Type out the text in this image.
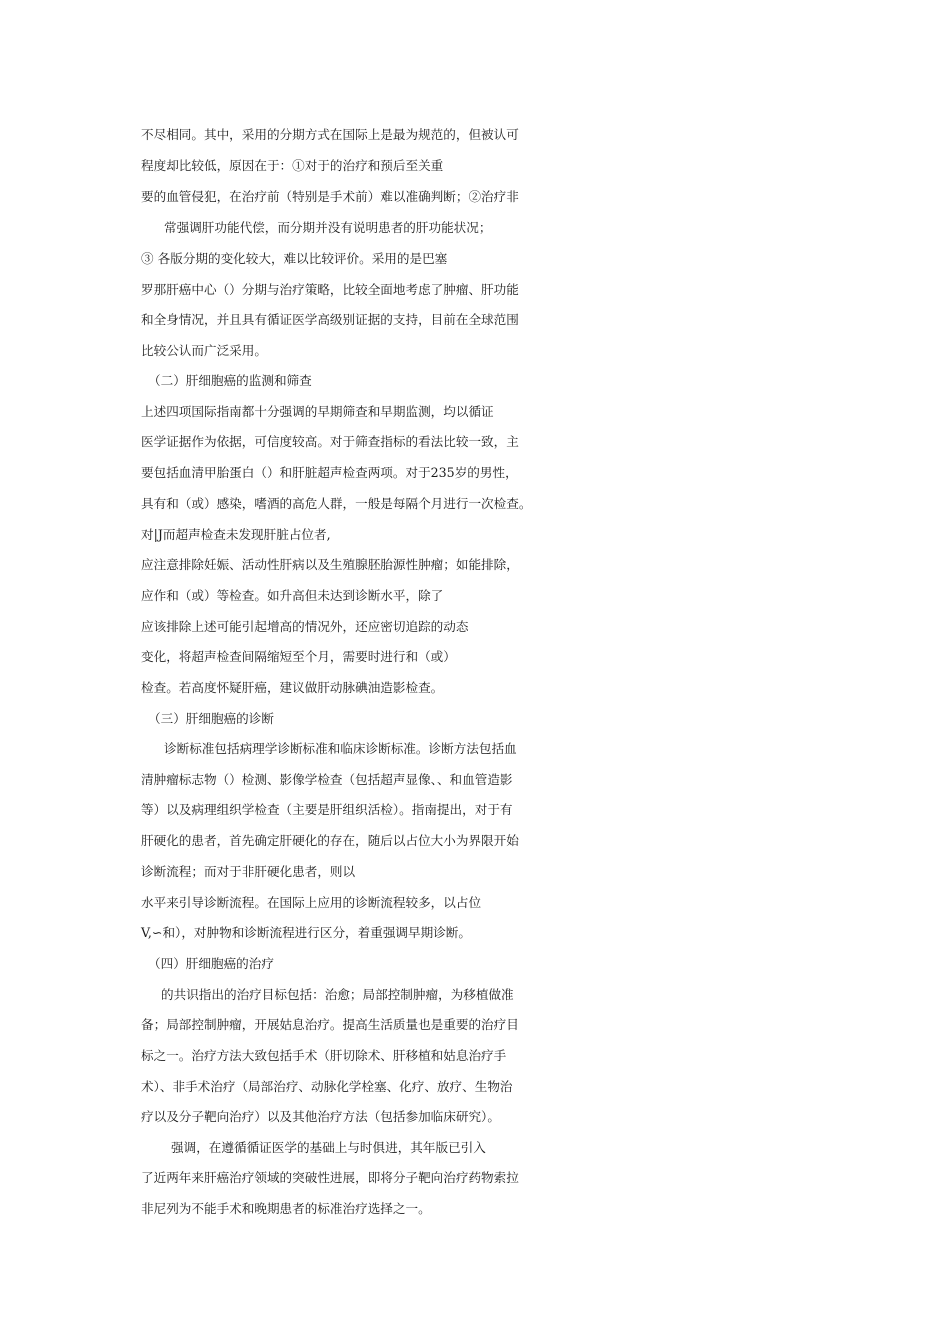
不尽相同。其中，采用的分期方式在国际上是最为规范的，但被认可
程度却比较低，原因在于：①对于的治疗和预后至关重
要的血管侵犯，在治疗前（特别是手术前）难以准确判断；②治疗非
常强调肝功能代偿，而分期并没有说明患者的肝功能状况；
③ 各版分期的变化较大，难以比较评价。采用的是巴塞
罗那肝癌中心（）分期与治疗策略，比较全面地考虑了肿瘤、肝功能
和全身情况，并且具有循证医学高级别证据的支持，目前在全球范围
比较公认而广泛采用。
（二）肝细胞癌的监测和筛查
上述四项国际指南都十分强调的早期筛查和早期监测，均以循证
医学证据作为依据，可信度较高。对于筛查指标的看法比较一致，主
要包括血清甲胎蛋白（）和肝脏超声检查两项。对于235岁的男性，
具有和（或）感染，嗜酒的高危人群，一般是每隔个月进行一次检查。
对|J而超声检查未发现肝脏占位者,
应注意排除妊娠、活动性肝病以及生殖腺胚胎源性肿瘤；如能排除，
应作和（或）等检查。如升高但未达到诊断水平，除了
应该排除上述可能引起增高的情况外，还应密切追踪的动态
变化，将超声检查间隔缩短至个月，需要时进行和（或）
检查。若高度怀疑肝癌，建议做肝动脉碘油造影检查。
（三）肝细胞癌的诊断
诊断标准包括病理学诊断标准和临床诊断标准。诊断方法包括血
清肿瘤标志物（）检测、影像学检查（包括超声显像、、和血管造影
等）以及病理组织学检查（主要是肝组织活检）。指南提出，对于有
肝硬化的患者，首先确定肝硬化的存在，随后以占位大小为界限开始
诊断流程；而对于非肝硬化患者，则以
水平来引导诊断流程。在国际上应用的诊断流程较多，以占位
V,∽和），对肿物和诊断流程进行区分，着重强调早期诊断。
（四）肝细胞癌的治疗
的共识指出的治疗目标包括：治愈；局部控制肿瘤，为移植做准
备；局部控制肿瘤，开展姑息治疗。提高生活质量也是重要的治疗目
标之一。治疗方法大致包括手术（肝切除术、肝移植和姑息治疗手
术）、非手术治疗（局部治疗、动脉化学栓塞、化疗、放疗、生物治
疗以及分子靶向治疗）以及其他治疗方法（包括参加临床研究）。
强调，在遵循循证医学的基础上与时俱进，其年版已引入
了近两年来肝癌治疗领域的突破性进展，即将分子靶向治疗药物索拉
非尼列为不能手术和晚期患者的标准治疗选择之一。
